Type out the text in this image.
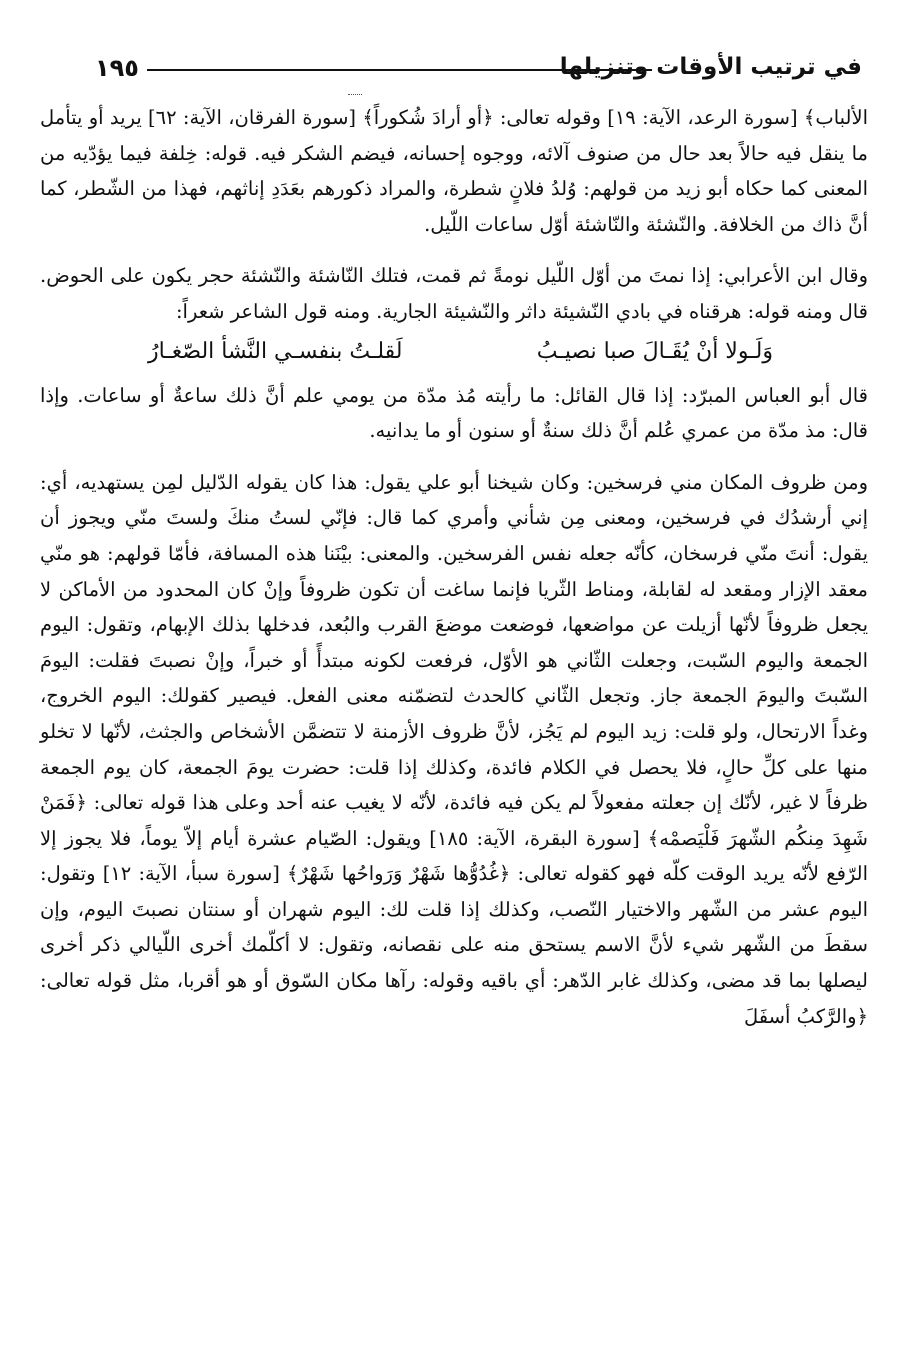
في ترتيب الأوقات وتنزيلها
١٩٥

الألباب﴾ [سورة الرعد، الآية: ١٩] وقوله تعالى: ﴿أو أرادَ شُكوراً﴾ [سورة الفرقان، الآية: ٦٢] يريد أو يتأمل ما ينقل فيه حالاً بعد حال من صنوف آلائه، ووجوه إحسانه، فيضم الشكر فيه. قوله: خِلفة فيما يؤدّيه من المعنى كما حكاه أبو زيد من قولهم: وُلدُ فلانٍ شطرة، والمراد ذكورهم بعَدَدِ إناثهم، فهذا من الشّطر، كما أنَّ ذاك من الخلافة. والنّشئة والنّاشئة أوّل ساعات اللّيل.

وقال ابن الأعرابي: إذا نمتَ من أوّل اللّيل نومةً ثم قمت، فتلك النّاشئة والنّشئة حجر يكون على الحوض. قال ومنه قوله: هرقناه في بادي النّشيئة داثر والنّشيئة الجارية. ومنه قول الشاعر شعراً:

وَلَـولا أنْ يُقَـالَ صبا نصيـبُ
لَقلـتُ بنفسـي النَّشأ الصّغـارُ

قال أبو العباس المبرّد: إذا قال القائل: ما رأيته مُذ مدّة من يومي علم أنَّ ذلك ساعةٌ أو ساعات. وإذا قال: مذ مدّة من عمري عُلم أنَّ ذلك سنةٌ أو سنون أو ما يدانيه.

ومن ظروف المكان مني فرسخين: وكان شيخنا أبو علي يقول: هذا كان يقوله الدّليل لمِن يستهديه، أي: إني أرشدُك في فرسخين، ومعنى مِن شأني وأمري كما قال: فإنّي لستُ منكَ ولستَ منّي ويجوز أن يقول: أنتَ منّي فرسخان، كأنّه جعله نفس الفرسخين. والمعنى: بيْنَنا هذه المسافة، فأمّا قولهم: هو منّي معقد الإزار ومقعد له لقابلة، ومناط الثّريا فإنما ساغت أن تكون ظروفاً وإنْ كان المحدود من الأماكن لا يجعل ظروفاً لأنّها أزيلت عن مواضعها، فوضعت موضعَ القرب والبُعد، فدخلها بذلك الإبهام، وتقول: اليوم الجمعة واليوم السّبت، وجعلت الثّاني هو الأوّل، فرفعت لكونه مبتدأً أو خبراً، وإنْ نصبتَ فقلت: اليومَ السّبتَ واليومَ الجمعة جاز. وتجعل الثّاني كالحدث لتضمّنه معنى الفعل. فيصير كقولك: اليوم الخروج، وغداً الارتحال، ولو قلت: زيد اليوم لم يَجُز، لأنَّ ظروف الأزمنة لا تتضمَّن الأشخاص والجثث، لأنّها لا تخلو منها على كلِّ حالٍ، فلا يحصل في الكلام فائدة، وكذلك إذا قلت: حضرت يومَ الجمعة، كان يوم الجمعة ظرفاً لا غير، لأنّك إن جعلته مفعولاً لم يكن فيه فائدة، لأنّه لا يغيب عنه أحد وعلى هذا قوله تعالى: ﴿فَمَنْ شَهِدَ مِنكُم الشّهرَ فَلْيَصمْه﴾ [سورة البقرة، الآية: ١٨٥] ويقول: الصّيام عشرة أيام إلاّ يوماً، فلا يجوز إلا الرّفع لأنّه يريد الوقت كلّه فهو كقوله تعالى: ﴿غُدُوُّها شَهْرٌ وَرَواحُها شَهْرٌ﴾ [سورة سبأ، الآية: ١٢] وتقول: اليوم عشر من الشّهر والاختيار النّصب، وكذلك إذا قلت لك: اليوم شهران أو سنتان نصبتَ اليوم، وإن سقطَ من الشّهر شيء لأنَّ الاسم يستحق منه على نقصانه، وتقول: لا أكلّمك أخرى اللّيالي ذكر أخرى ليصلها بما قد مضى، وكذلك غابر الدّهر: أي باقيه وقوله: رآها مكان السّوق أو هو أقربا، مثل قوله تعالى: ﴿والرَّكبُ أسفَلَ
